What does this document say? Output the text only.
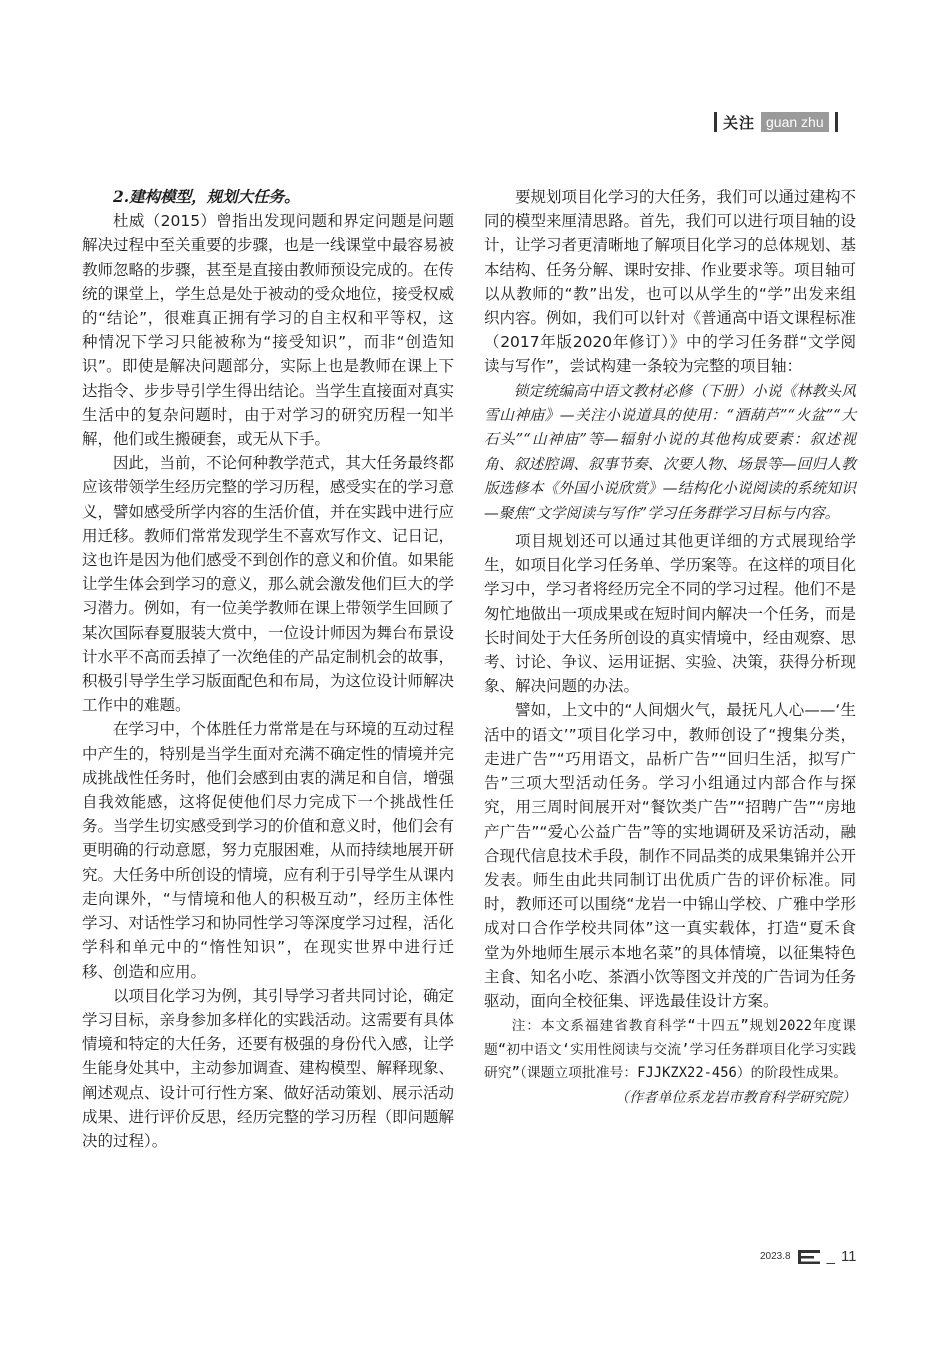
关注 guan zhu

2.建构模型，规划大任务。

杜威（2015）曾指出发现问题和界定问题是问题解决过程中至关重要的步骤，也是一线课堂中最容易被教师忽略的步骤，甚至是直接由教师预设完成的。在传统的课堂上，学生总是处于被动的受众地位，接受权威的“结论”，很难真正拥有学习的自主权和平等权，这种情况下学习只能被称为“接受知识”，而非“创造知识”。即使是解决问题部分，实际上也是教师在课上下达指令、步步导引学生得出结论。当学生直接面对真实生活中的复杂问题时，由于对学习的研究历程一知半解，他们或生搬硬套，或无从下手。

因此，当前，不论何种教学范式，其大任务最终都应该带领学生经历完整的学习历程，感受实在的学习意义，譬如感受所学内容的生活价值，并在实践中进行应用迁移。教师们常常发现学生不喜欢写作文、记日记，这也许是因为他们感受不到创作的意义和价值。如果能让学生体会到学习的意义，那么就会激发他们巨大的学习潜力。例如，有一位美学教师在课上带领学生回顾了某次国际春夏服装大赏中，一位设计师因为舞台布景设计水平不高而丢掉了一次绝佳的产品定制机会的故事，积极引导学生学习版面配色和布局，为这位设计师解决工作中的难题。

在学习中，个体胜任力常常是在与环境的互动过程中产生的，特别是当学生面对充满不确定性的情境并完成挑战性任务时，他们会感到由衷的满足和自信，增强自我效能感，这将促使他们尽力完成下一个挑战性任务。当学生切实感受到学习的价值和意义时，他们会有更明确的行动意愿，努力克服困难，从而持续地展开研究。大任务中所创设的情境，应有利于引导学生从课内走向课外，“与情境和他人的积极互动”，经历主体性学习、对话性学习和协同性学习等深度学习过程，活化学科和单元中的“惰性知识”，在现实世界中进行迁移、创造和应用。

以项目化学习为例，其引导学习者共同讨论，确定学习目标，亲身参加多样化的实践活动。这需要有具体情境和特定的大任务，还要有极强的身份代入感，让学生能身处其中，主动参加调查、建构模型、解释现象、阐述观点、设计可行性方案、做好活动策划、展示活动成果、进行评价反思，经历完整的学习历程（即问题解决的过程）。

要规划项目化学习的大任务，我们可以通过建构不同的模型来厘清思路。首先，我们可以进行项目轴的设计，让学习者更清晰地了解项目化学习的总体规划、基本结构、任务分解、课时安排、作业要求等。项目轴可以从教师的“教”出发，也可以从学生的“学”出发来组织内容。例如，我们可以针对《普通高中语文课程标准（2017年版2020年修订）》中的学习任务群“文学阅读与写作”，尝试构建一条较为完整的项目轴：

锁定统编高中语文教材必修（下册）小说《林教头风雪山神庙》—关注小说道具的使用：“酒葫芦”“火盆”“大石头”“山神庙”等—辐射小说的其他构成要素：叙述视角、叙述腔调、叙事节奏、次要人物、场景等—回归人教版选修本《外国小说欣赏》—结构化小说阅读的系统知识—聚焦“文学阅读与写作”学习任务群学习目标与内容。

项目规划还可以通过其他更详细的方式展现给学生，如项目化学习任务单、学历案等。在这样的项目化学习中，学习者将经历完全不同的学习过程。他们不是匆忙地做出一项成果或在短时间内解决一个任务，而是长时间处于大任务所创设的真实情境中，经由观察、思考、讨论、争议、运用证据、实验、决策，获得分析现象、解决问题的办法。

譬如，上文中的“人间烟火气，最抚凡人心——‘生活中的语文’”项目化学习中，教师创设了“搜集分类，走进广告”“巧用语文，品析广告”“回归生活，拟写广告”三项大型活动任务。学习小组通过内部合作与探究，用三周时间展开对“餐饮类广告”“招聘广告”“房地产广告”“爱心公益广告”等的实地调研及采访活动，融合现代信息技术手段，制作不同品类的成果集锦并公开发表。师生由此共同制订出优质广告的评价标准。同时，教师还可以围绕“龙岩一中锦山学校、广雅中学形成对口合作学校共同体”这一真实载体，打造“夏禾食堂为外地师生展示本地名菜”的具体情境，以征集特色主食、知名小吃、茶酒小饮等图文并茂的广告词为任务驱动，面向全校征集、评选最佳设计方案。

注：本文系福建省教育科学“十四五”规划2022年度课题“初中语文‘实用性阅读与交流’学习任务群项目化学习实践研究”（课题立项批准号：FJJKZX22-456）的阶段性成果。

（作者单位系龙岩市教育科学研究院）

2023.8 _ 11
